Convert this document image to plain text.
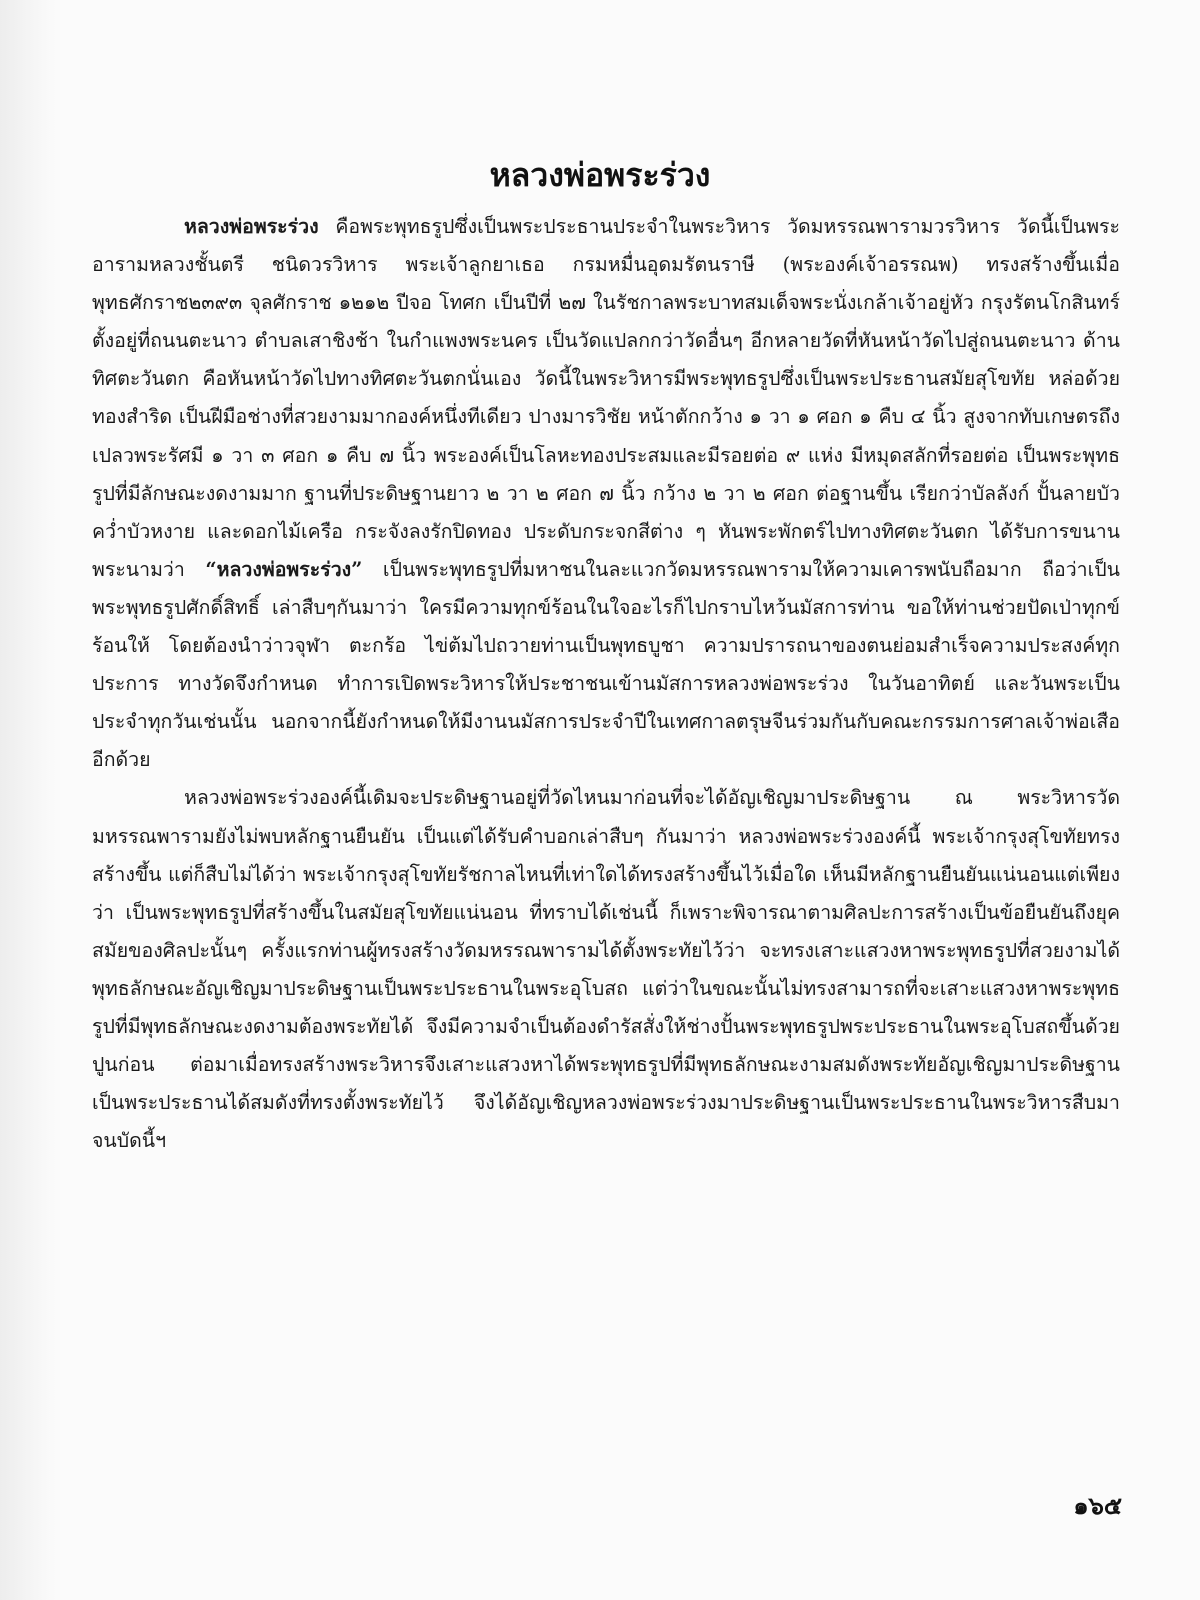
หลวงพ่อพระร่วง

หลวงพ่อพระร่วง คือพระพุทธรูปซึ่งเป็นพระประธานประจำในพระวิหาร วัดมหรรณพารามวรวิหาร วัดนี้เป็นพระอารามหลวงชั้นตรี ชนิดวรวิหาร พระเจ้าลูกยาเธอ กรมหมื่นอุดมรัตนราษี (พระองค์เจ้าอรรณพ) ทรงสร้างขึ้นเมื่อ พุทธศักราช๒๓๙๓ จุลศักราช ๑๒๑๒ ปีจอ โทศก เป็นปีที่ ๒๗ ในรัชกาลพระบาทสมเด็จพระนั่งเกล้าเจ้าอยู่หัว กรุงรัตนโกสินทร์ ตั้งอยู่ที่ถนนตะนาว ตำบลเสาชิงช้า ในกำแพงพระนคร เป็นวัดแปลกกว่าวัดอื่นๆ อีกหลายวัดที่หันหน้าวัดไปสู่ถนนตะนาว ด้านทิศตะวันตก คือหันหน้าวัดไปทางทิศตะวันตกนั่นเอง วัดนี้ในพระวิหารมีพระพุทธรูปซึ่งเป็นพระประธานสมัยสุโขทัย หล่อด้วยทองสำริด เป็นฝีมือช่างที่สวยงามมากองค์หนึ่งทีเดียว ปางมารวิชัย หน้าตักกว้าง ๑ วา ๑ ศอก ๑ คืบ ๔ นิ้ว สูงจากทับเกษตรถึงเปลวพระรัศมี ๑ วา ๓ ศอก ๑ คืบ ๗ นิ้ว พระองค์เป็นโลหะทองประสมและมีรอยต่อ ๙ แห่ง มีหมุดสลักที่รอยต่อ เป็นพระพุทธรูปที่มีลักษณะงดงามมาก ฐานที่ประดิษฐานยาว ๒ วา ๒ ศอก ๗ นิ้ว กว้าง ๒ วา ๒ ศอก ต่อฐานขึ้น เรียกว่าบัลลังก์ ปั้นลายบัวคว่ำบัวหงาย และดอกไม้เครือ กระจังลงรักปิดทอง ประดับกระจกสีต่าง ๆ หันพระพักตร์ไปทางทิศตะวันตก ได้รับการขนานพระนามว่า “หลวงพ่อพระร่วง” เป็นพระพุทธรูปที่มหาชนในละแวกวัดมหรรณพารามให้ความเคารพนับถือมาก ถือว่าเป็นพระพุทธรูปศักดิ์สิทธิ์ เล่าสืบๆกันมาว่า ใครมีความทุกข์ร้อนในใจอะไรก็ไปกราบไหว้นมัสการท่าน ขอให้ท่านช่วยปัดเป่าทุกข์ร้อนให้ โดยต้องนำว่าวจุฬา ตะกร้อ ไข่ต้มไปถวายท่านเป็นพุทธบูชา ความปรารถนาของตนย่อมสำเร็จความประสงค์ทุกประการ ทางวัดจึงกำหนด ทำการเปิดพระวิหารให้ประชาชนเข้านมัสการหลวงพ่อพระร่วง ในวันอาทิตย์ และวันพระเป็นประจำทุกวันเช่นนั้น นอกจากนี้ยังกำหนดให้มีงานนมัสการประจำปีในเทศกาลตรุษจีนร่วมกันกับคณะกรรมการศาลเจ้าพ่อเสืออีกด้วย

หลวงพ่อพระร่วงองค์นี้เดิมจะประดิษฐานอยู่ที่วัดไหนมาก่อนที่จะได้อัญเชิญมาประดิษฐาน ณ พระวิหารวัดมหรรณพารามยังไม่พบหลักฐานยืนยัน เป็นแต่ได้รับคำบอกเล่าสืบๆ กันมาว่า หลวงพ่อพระร่วงองค์นี้ พระเจ้ากรุงสุโขทัยทรงสร้างขึ้น แต่ก็สืบไม่ได้ว่า พระเจ้ากรุงสุโขทัยรัชกาลไหนที่เท่าใดได้ทรงสร้างขึ้นไว้เมื่อใด เห็นมีหลักฐานยืนยันแน่นอนแต่เพียงว่า เป็นพระพุทธรูปที่สร้างขึ้นในสมัยสุโขทัยแน่นอน ที่ทราบได้เช่นนี้ ก็เพราะพิจารณาตามศิลปะการสร้างเป็นข้อยืนยันถึงยุคสมัยของศิลปะนั้นๆ ครั้งแรกท่านผู้ทรงสร้างวัดมหรรณพารามได้ตั้งพระทัยไว้ว่า จะทรงเสาะแสวงหาพระพุทธรูปที่สวยงามได้พุทธลักษณะอัญเชิญมาประดิษฐานเป็นพระประธานในพระอุโบสถ แต่ว่าในขณะนั้นไม่ทรงสามารถที่จะเสาะแสวงหาพระพุทธรูปที่มีพุทธลักษณะงดงามต้องพระทัยได้ จึงมีความจำเป็นต้องดำรัสสั่งให้ช่างปั้นพระพุทธรูปพระประธานในพระอุโบสถขึ้นด้วยปูนก่อน ต่อมาเมื่อทรงสร้างพระวิหารจึงเสาะแสวงหาได้พระพุทธรูปที่มีพุทธลักษณะงามสมดังพระทัยอัญเชิญมาประดิษฐานเป็นพระประธานได้สมดังที่ทรงตั้งพระทัยไว้ จึงได้อัญเชิญหลวงพ่อพระร่วงมาประดิษฐานเป็นพระประธานในพระวิหารสืบมาจนบัดนี้ฯ

๑๖๕
